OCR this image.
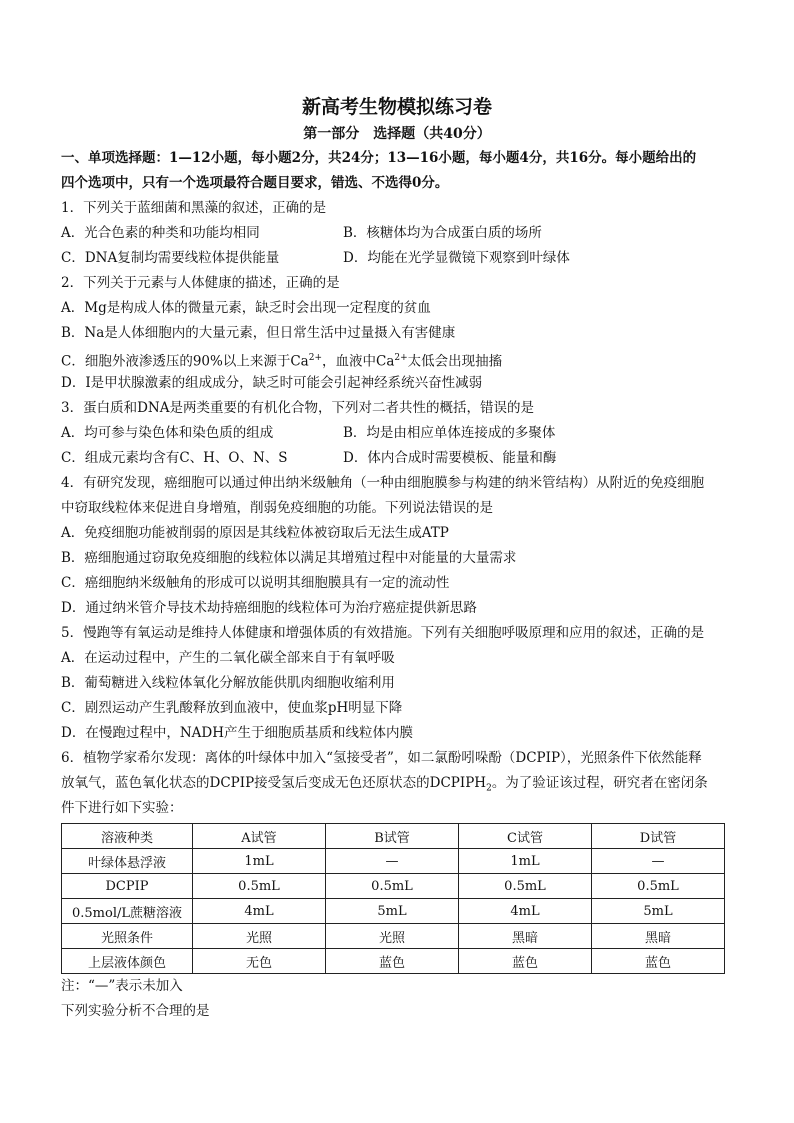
新高考生物模拟练习卷
第一部分　选择题（共40分）
一、单项选择题：1—12小题，每小题2分，共24分；13—16小题，每小题4分，共16分。每小题给出的
四个选项中，只有一个选项最符合题目要求，错选、不选得0分。
1．下列关于蓝细菌和黑藻的叙述，正确的是
A．光合色素的种类和功能均相同	B．核糖体均为合成蛋白质的场所
C．DNA复制均需要线粒体提供能量	D．均能在光学显微镜下观察到叶绿体
2．下列关于元素与人体健康的描述，正确的是
A．Mg是构成人体的微量元素，缺乏时会出现一定程度的贫血
B．Na是人体细胞内的大量元素，但日常生活中过量摄入有害健康
C．细胞外液渗透压的90%以上来源于$Ca^{2+}$，血液中$Ca^{2+}$太低会出现抽搐
D．I是甲状腺激素的组成成分，缺乏时可能会引起神经系统兴奋性减弱
3．蛋白质和DNA是两类重要的有机化合物，下列对二者共性的概括，错误的是
A．均可参与染色体和染色质的组成	B．均是由相应单体连接成的多聚体
C．组成元素均含有C、H、O、N、S	D．体内合成时需要模板、能量和酶
4．有研究发现，癌细胞可以通过伸出纳米级触角（一种由细胞膜参与构建的纳米管结构）从附近的免疫细胞
中窃取线粒体来促进自身增殖，削弱免疫细胞的功能。下列说法错误的是
A．免疫细胞功能被削弱的原因是其线粒体被窃取后无法生成ATP
B．癌细胞通过窃取免疫细胞的线粒体以满足其增殖过程中对能量的大量需求
C．癌细胞纳米级触角的形成可以说明其细胞膜具有一定的流动性
D．通过纳米管介导技术劫持癌细胞的线粒体可为治疗癌症提供新思路
5．慢跑等有氧运动是维持人体健康和增强体质的有效措施。下列有关细胞呼吸原理和应用的叙述，正确的是
A．在运动过程中，产生的二氧化碳全部来自于有氧呼吸
B．葡萄糖进入线粒体氧化分解放能供肌肉细胞收缩利用
C．剧烈运动产生乳酸释放到血液中，使血浆pH明显下降
D．在慢跑过程中，NADH产生于细胞质基质和线粒体内膜
6．植物学家希尔发现：离体的叶绿体中加入“氢接受者”，如二氯酚吲哚酚（DCPIP），光照条件下依然能释
放氧气，蓝色氧化状态的DCPIP接受氢后变成无色还原状态的$DCPIPH_2$。为了验证该过程，研究者在密闭条
件下进行如下实验：
溶液种类	A试管	B试管	C试管	D试管
叶绿体悬浮液	1mL	—	1mL	—
DCPIP	0.5mL	0.5mL	0.5mL	0.5mL
0.5mol/L蔗糖溶液	4mL	5mL	4mL	5mL
光照条件	光照	光照	黑暗	黑暗
上层液体颜色	无色	蓝色	蓝色	蓝色
注：“—”表示未加入
下列实验分析不合理的是
